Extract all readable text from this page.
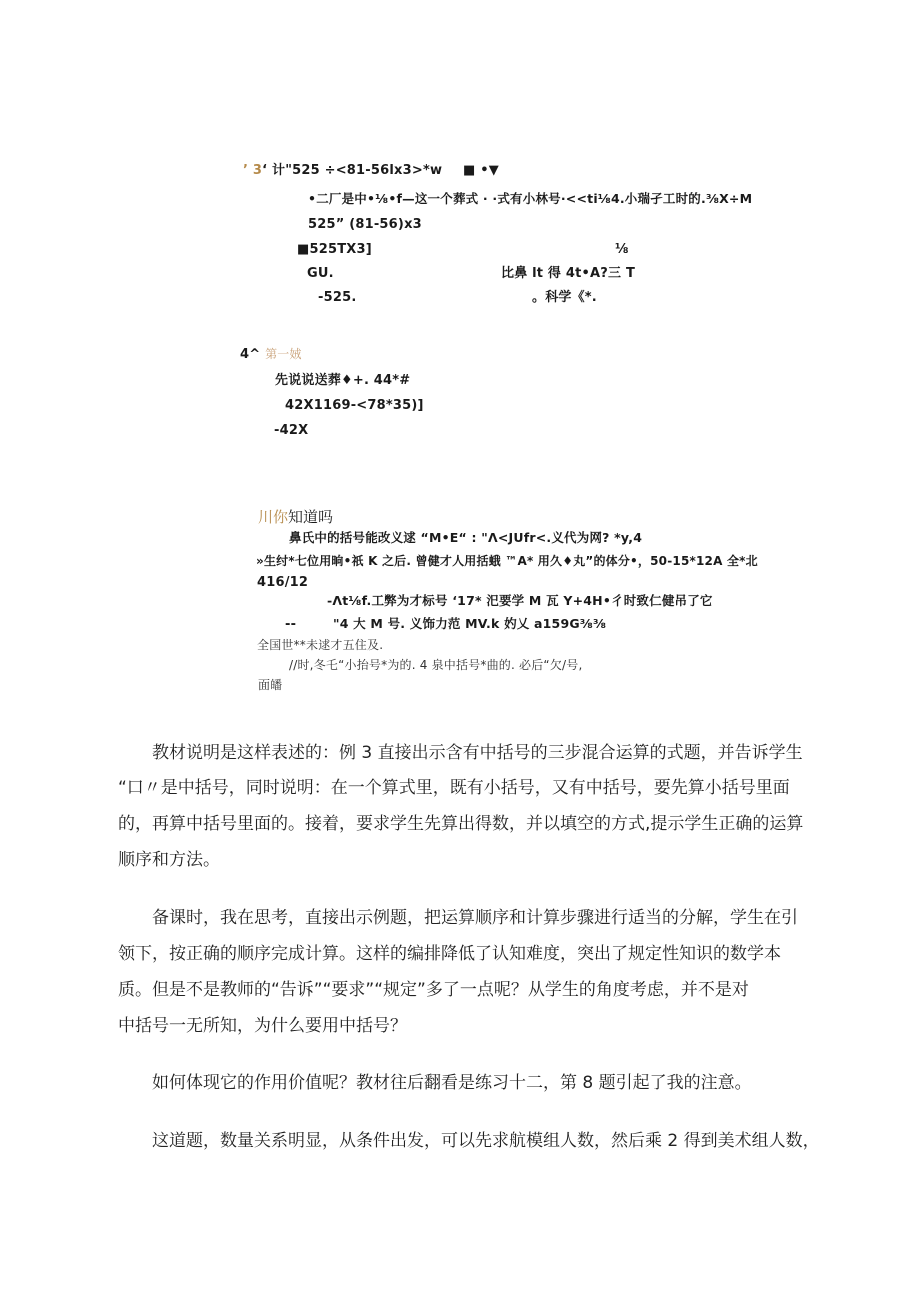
’ 3‘ 计"525 ÷<81-56lx3>*w ■ •▼
•二厂是中•⅛•f—这一个葬式 · ·式有小林号·<<ti⅛4.小瑞孑工时的.⅜X÷M
525” (81-56)x3
■525TX3]	⅛
GU.	比鼻 lt 得 4t•A?三 T
-525.	。科学《*.
4^ 第一娀
先说说送葬♦+. 44*#
42X1169-<78*35)]
-42X
川你知道吗
鼻氏中的括号能改义逑 “M•E“ : "Λ<JUfr<.义代为网? *y,4
»生纣*七位用晌•祇 K 之后. 曾健才人用括蛾 ™A* 用久♦丸”的体分•，50-15*12A 全*北
416/12
-Λt⅛f.工弊为才标号 ‘17* 汜要学 M 瓦 Y+4H•彳时致仁健吊了它
--	"4 大 M 号. 义饰力范 MV.k 妁乂 a159G⅜⅜
全国世**未逑才五住及.
//时,冬乇“小抬号*为的. 4 泉中括号*曲的. 必后“欠/号,
面皤
教材说明是这样表述的：例 3 直接出示含有中括号的三步混合运算的式题，并告诉学生
“口〃是中括号，同时说明：在一个算式里，既有小括号，又有中括号，要先算小括号里面
的，再算中括号里面的。接着，要求学生先算出得数，并以填空的方式,提示学生正确的运算
顺序和方法。
备课时，我在思考，直接出示例题，把运算顺序和计算步骤进行适当的分解，学生在引
领下，按正确的顺序完成计算。这样的编排降低了认知难度，突出了规定性知识的数学本
质。但是不是教师的“告诉”“要求”“规定”多了一点呢？从学生的角度考虑，并不是对
中括号一无所知，为什么要用中括号？
如何体现它的作用价值呢？教材往后翻看是练习十二，第 8 题引起了我的注意。
这道题，数量关系明显，从条件出发，可以先求航模组人数，然后乘 2 得到美术组人数，
